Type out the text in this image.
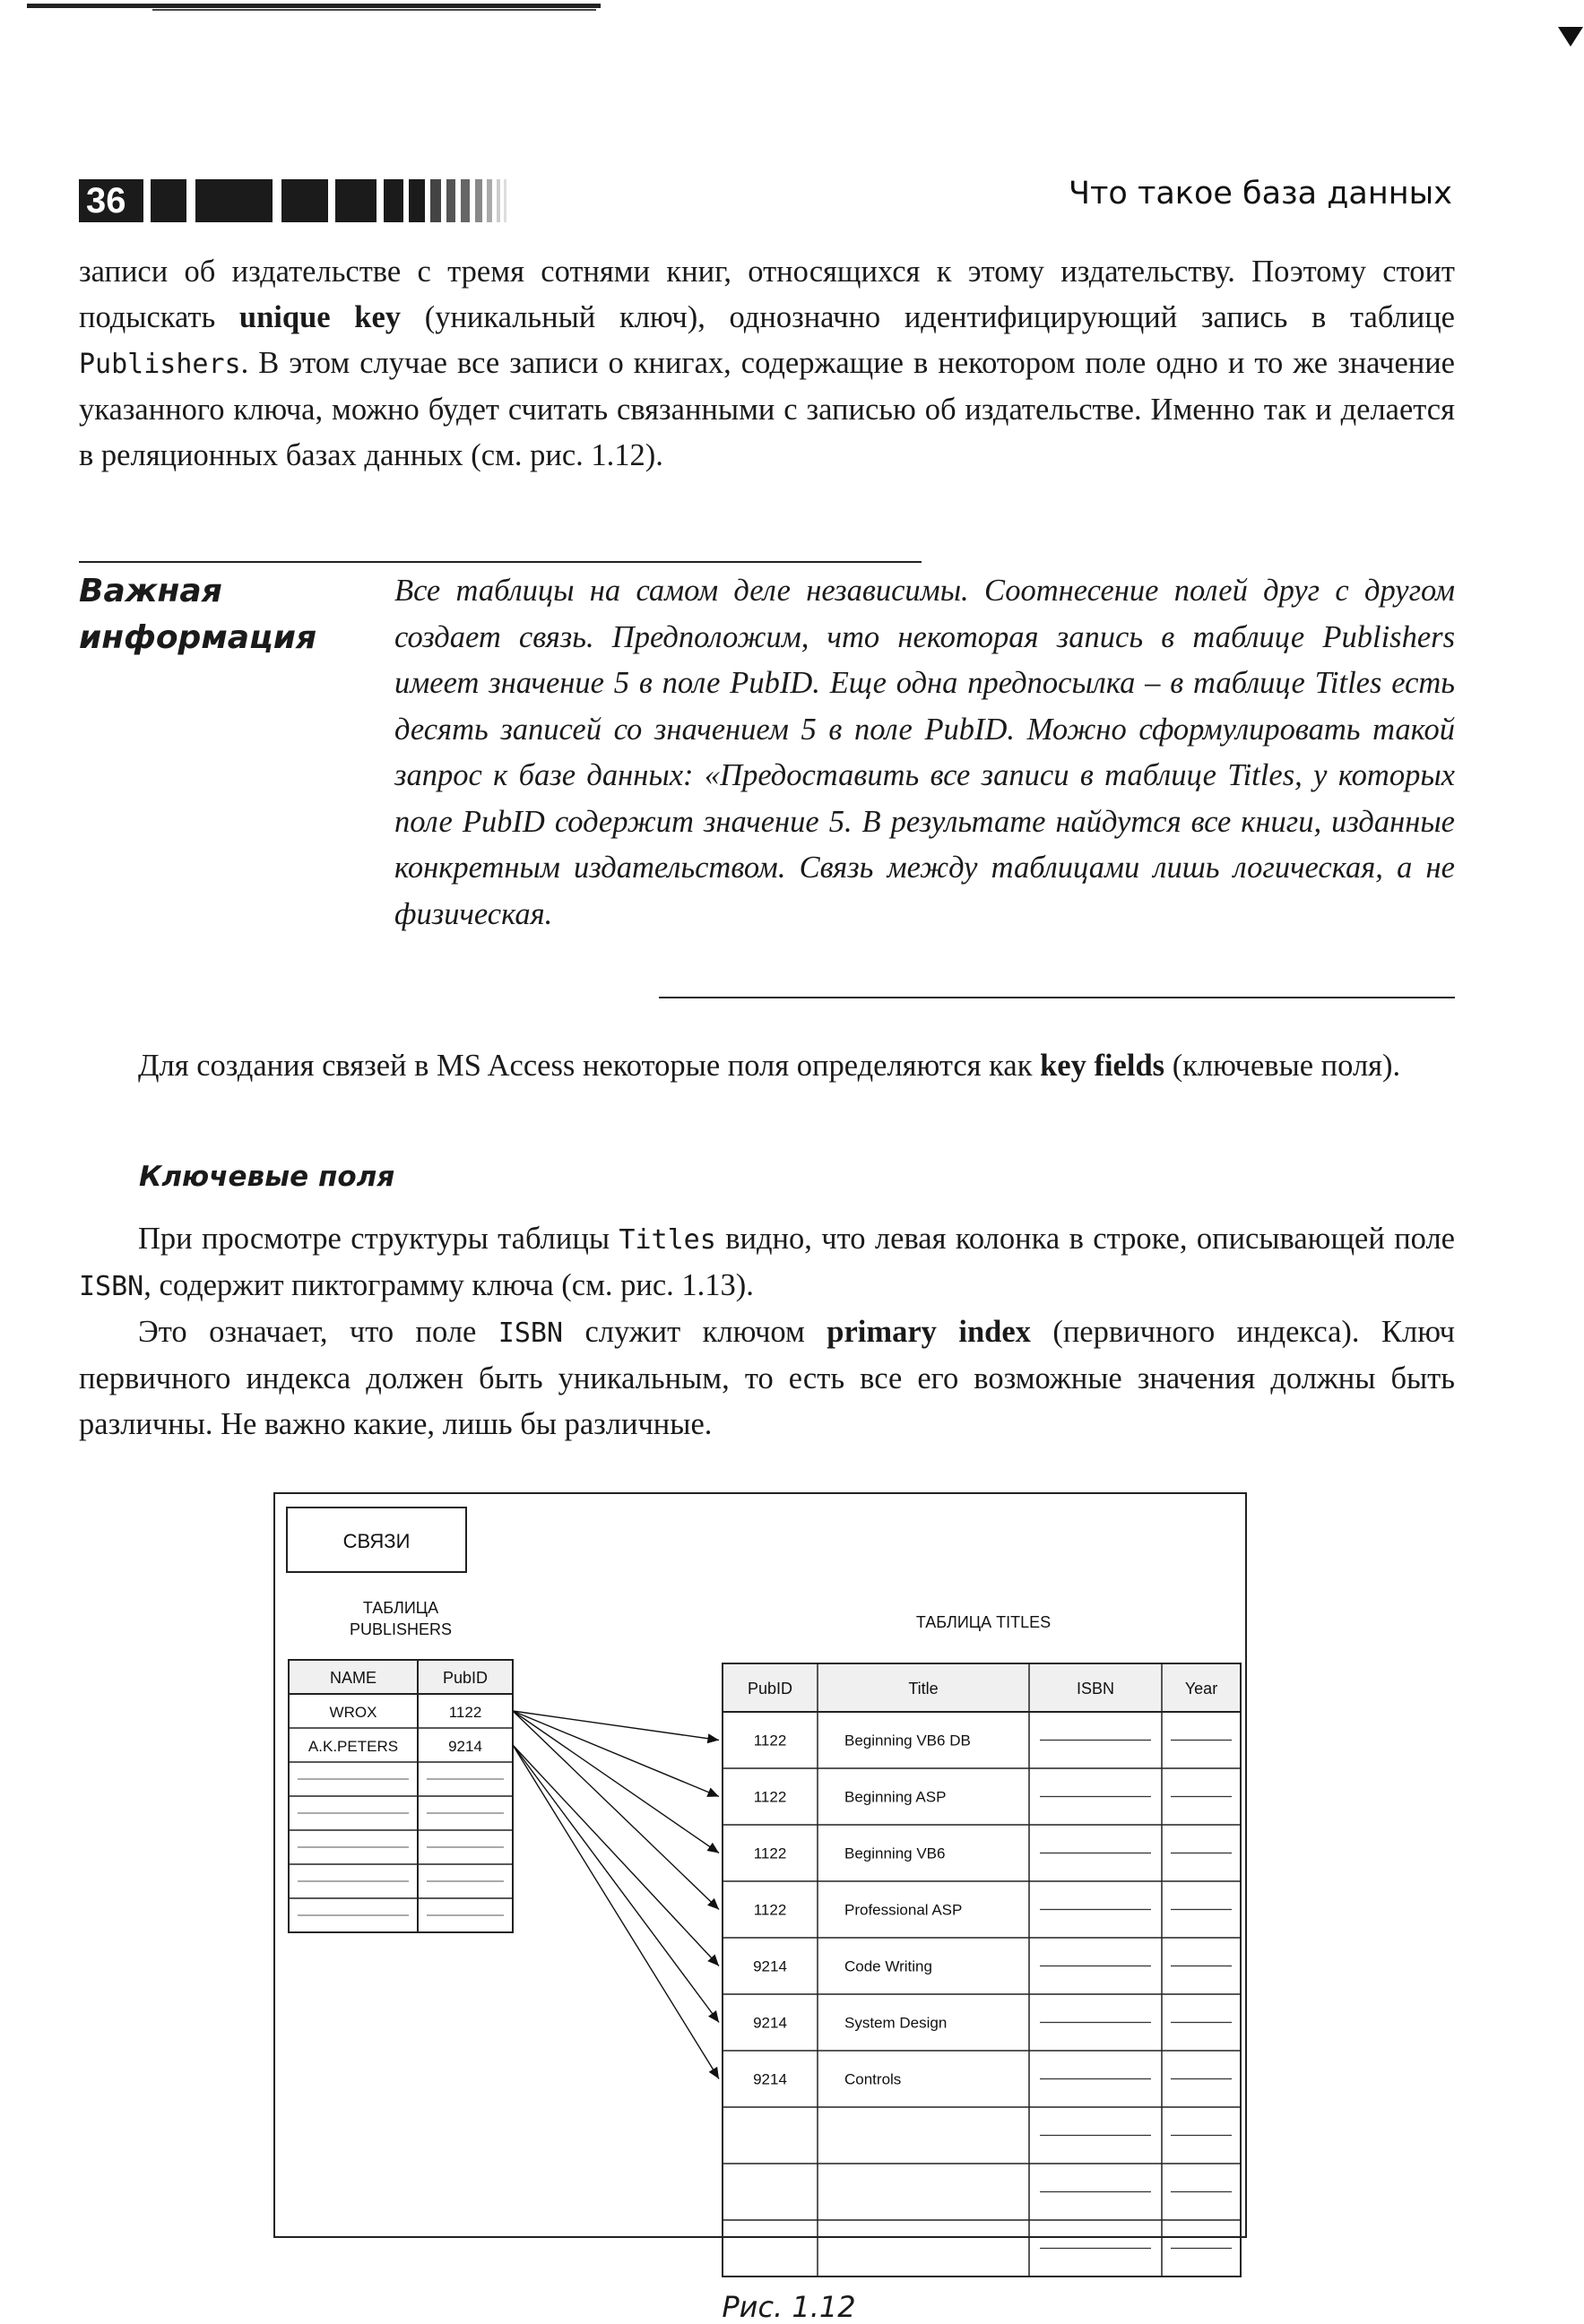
36	Что такое база данных

записи об издательстве с тремя сотнями книг, относящихся к этому издательству. Поэтому стоит подыскать unique key (уникальный ключ), однозначно идентифицирующий запись в таблице Publishers. В этом случае все записи о книгах, содержащие в некотором поле одно и то же значение указанного ключа, можно будет считать связанными с записью об издательстве. Именно так и делается в реляционных базах данных (см. рис. 1.12).

Важная
информация

Все таблицы на самом деле независимы. Соотнесение полей друг с другом создает связь. Предположим, что некоторая запись в таблице Publishers имеет значение 5 в поле PubID. Еще одна предпосылка – в таблице Titles есть десять записей со значением 5 в поле PubID. Можно сформулировать такой запрос к базе данных: «Предоставить все записи в таблице Titles, у которых поле PubID содержит значение 5. В результате найдутся все книги, изданные конкретным издательством. Связь между таблицами лишь логическая, а не физическая.

Для создания связей в MS Access некоторые поля определяются как key fields (ключевые поля).

Ключевые поля

При просмотре структуры таблицы Titles видно, что левая колонка в строке, описывающей поле ISBN, содержит пиктограмму ключа (см. рис. 1.13).

Это означает, что поле ISBN служит ключом primary index (первичного индекса). Ключ первичного индекса должен быть уникальным, то есть все его возможные значения должны быть различны. Не важно какие, лишь бы различные.

СВЯЗИ
ТАБЛИЦА
PUBLISHERS	ТАБЛИЦА TITLES
NAME	PubID
WROX	1122
A.K.PETERS	9214
PubID	Title	ISBN	Year
1122	Beginning VB6 DB
1122	Beginning ASP
1122	Beginning VB6
1122	Professional ASP
9214	Code Writing
9214	System Design
9214	Controls
Рис. 1.12
